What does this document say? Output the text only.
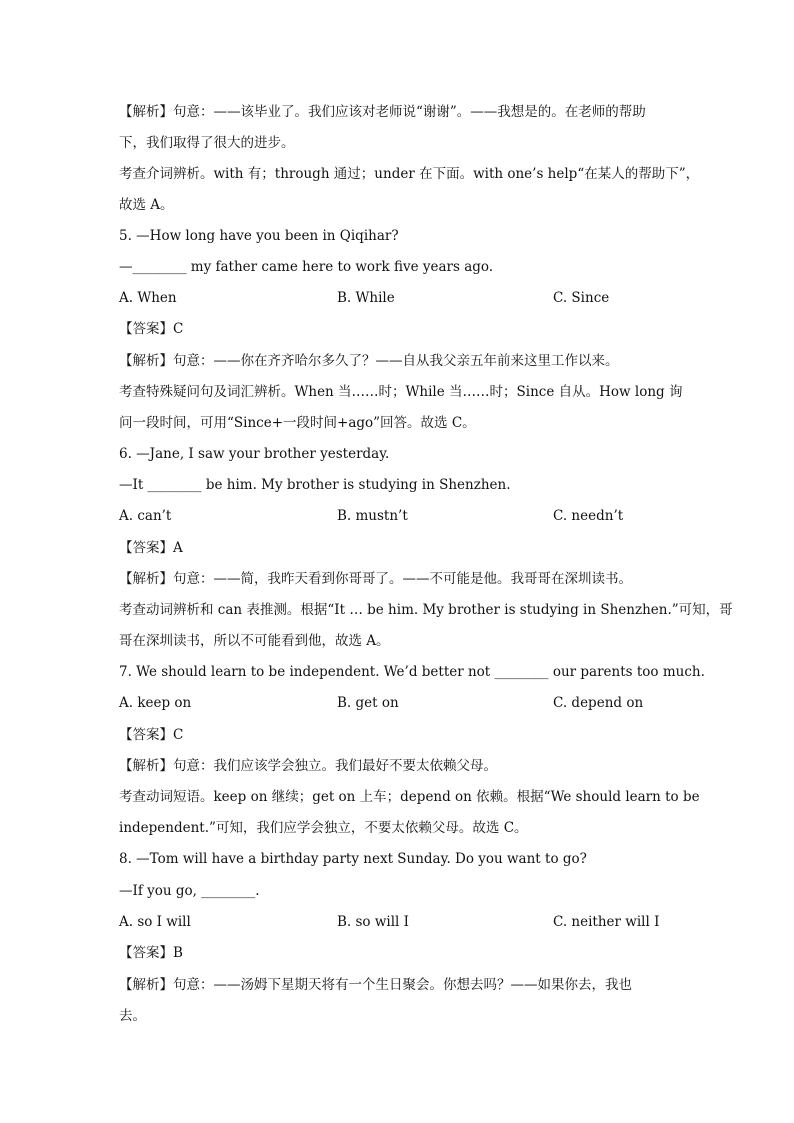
【解析】句意：——该毕业了。我们应该对老师说“谢谢”。——我想是的。在老师的帮助
下，我们取得了很大的进步。
考查介词辨析。with 有；through 通过；under 在下面。with one’s help“在某人的帮助下”，
故选 A。
5. —How long have you been in Qiqihar?
—________ my father came here to work five years ago.
A. When	B. While	C. Since
【答案】C
【解析】句意：——你在齐齐哈尔多久了？——自从我父亲五年前来这里工作以来。
考查特殊疑问句及词汇辨析。When 当……时；While 当……时；Since 自从。How long 询
问一段时间，可用“Since+一段时间+ago”回答。故选 C。
6. —Jane, I saw your brother yesterday.
—It ________ be him. My brother is studying in Shenzhen.
A. can’t	B. mustn’t	C. needn’t
【答案】A
【解析】句意：——简，我昨天看到你哥哥了。——不可能是他。我哥哥在深圳读书。
考查动词辨析和 can 表推测。根据“It … be him. My brother is studying in Shenzhen.”可知，哥
哥在深圳读书，所以不可能看到他，故选 A。
7. We should learn to be independent. We’d better not ________ our parents too much.
A. keep on	B. get on	C. depend on
【答案】C
【解析】句意：我们应该学会独立。我们最好不要太依赖父母。
考查动词短语。keep on 继续；get on 上车；depend on 依赖。根据“We should learn to be
independent.”可知，我们应学会独立，不要太依赖父母。故选 C。
8. —Tom will have a birthday party next Sunday. Do you want to go?
—If you go, ________.
A. so I will	B. so will I	C. neither will I
【答案】B
【解析】句意：——汤姆下星期天将有一个生日聚会。你想去吗？——如果你去，我也
去。
